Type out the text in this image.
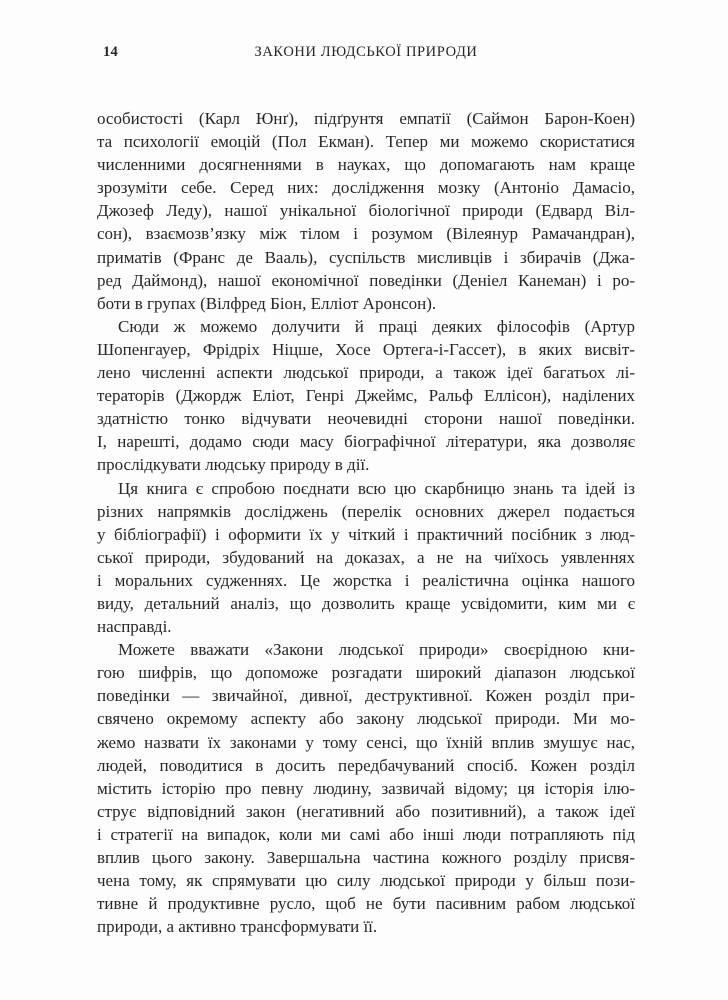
14	ЗАКОНИ ЛЮДСЬКОЇ ПРИРОДИ
особистості (Карл Юнґ), підґрунтя емпатії (Саймон Барон-Коен)
та психології емоцій (Пол Екман). Тепер ми можемо скористатися
численними досягненнями в науках, що допомагають нам краще
зрозуміти себе. Серед них: дослідження мозку (Антоніо Дамасіо,
Джозеф Леду), нашої унікальної біологічної природи (Едвард Віл-
сон), взаємозв’язку між тілом і розумом (Вілеянур Рамачандран),
приматів (Франс де Вааль), суспільств мисливців і збирачів (Джа-
ред Даймонд), нашої економічної поведінки (Деніел Канеман) і ро-
боти в групах (Вілфред Біон, Елліот Аронсон).
Сюди ж можемо долучити й праці деяких філософів (Артур
Шопенгауер, Фрідріх Ніцше, Хосе Ортега-і-Гассет), в яких висвіт-
лено численні аспекти людської природи, а також ідеї багатьох лі-
тераторів (Джордж Еліот, Генрі Джеймс, Ральф Еллісон), наділених
здатністю тонко відчувати неочевидні сторони нашої поведінки.
І, нарешті, додамо сюди масу біографічної літератури, яка дозволяє
прослідкувати людську природу в дії.
Ця книга є спробою поєднати всю цю скарбницю знань та ідей із
різних напрямків досліджень (перелік основних джерел подається
у бібліографії) і оформити їх у чіткий і практичний посібник з люд-
ської природи, збудований на доказах, а не на чиїхось уявленнях
і моральних судженнях. Це жорстка і реалістична оцінка нашого
виду, детальний аналіз, що дозволить краще усвідомити, ким ми є
насправді.
Можете вважати «Закони людської природи» своєрідною кни-
гою шифрів, що допоможе розгадати широкий діапазон людської
поведінки — звичайної, дивної, деструктивної. Кожен розділ при-
свячено окремому аспекту або закону людської природи. Ми мо-
жемо назвати їх законами у тому сенсі, що їхній вплив змушує нас,
людей, поводитися в досить передбачуваний спосіб. Кожен розділ
містить історію про певну людину, зазвичай відому; ця історія ілю-
струє відповідний закон (негативний або позитивний), а також ідеї
і стратегії на випадок, коли ми самі або інші люди потрапляють під
вплив цього закону. Завершальна частина кожного розділу присвя-
чена тому, як спрямувати цю силу людської природи у більш пози-
тивне й продуктивне русло, щоб не бути пасивним рабом людської
природи, а активно трансформувати її.
